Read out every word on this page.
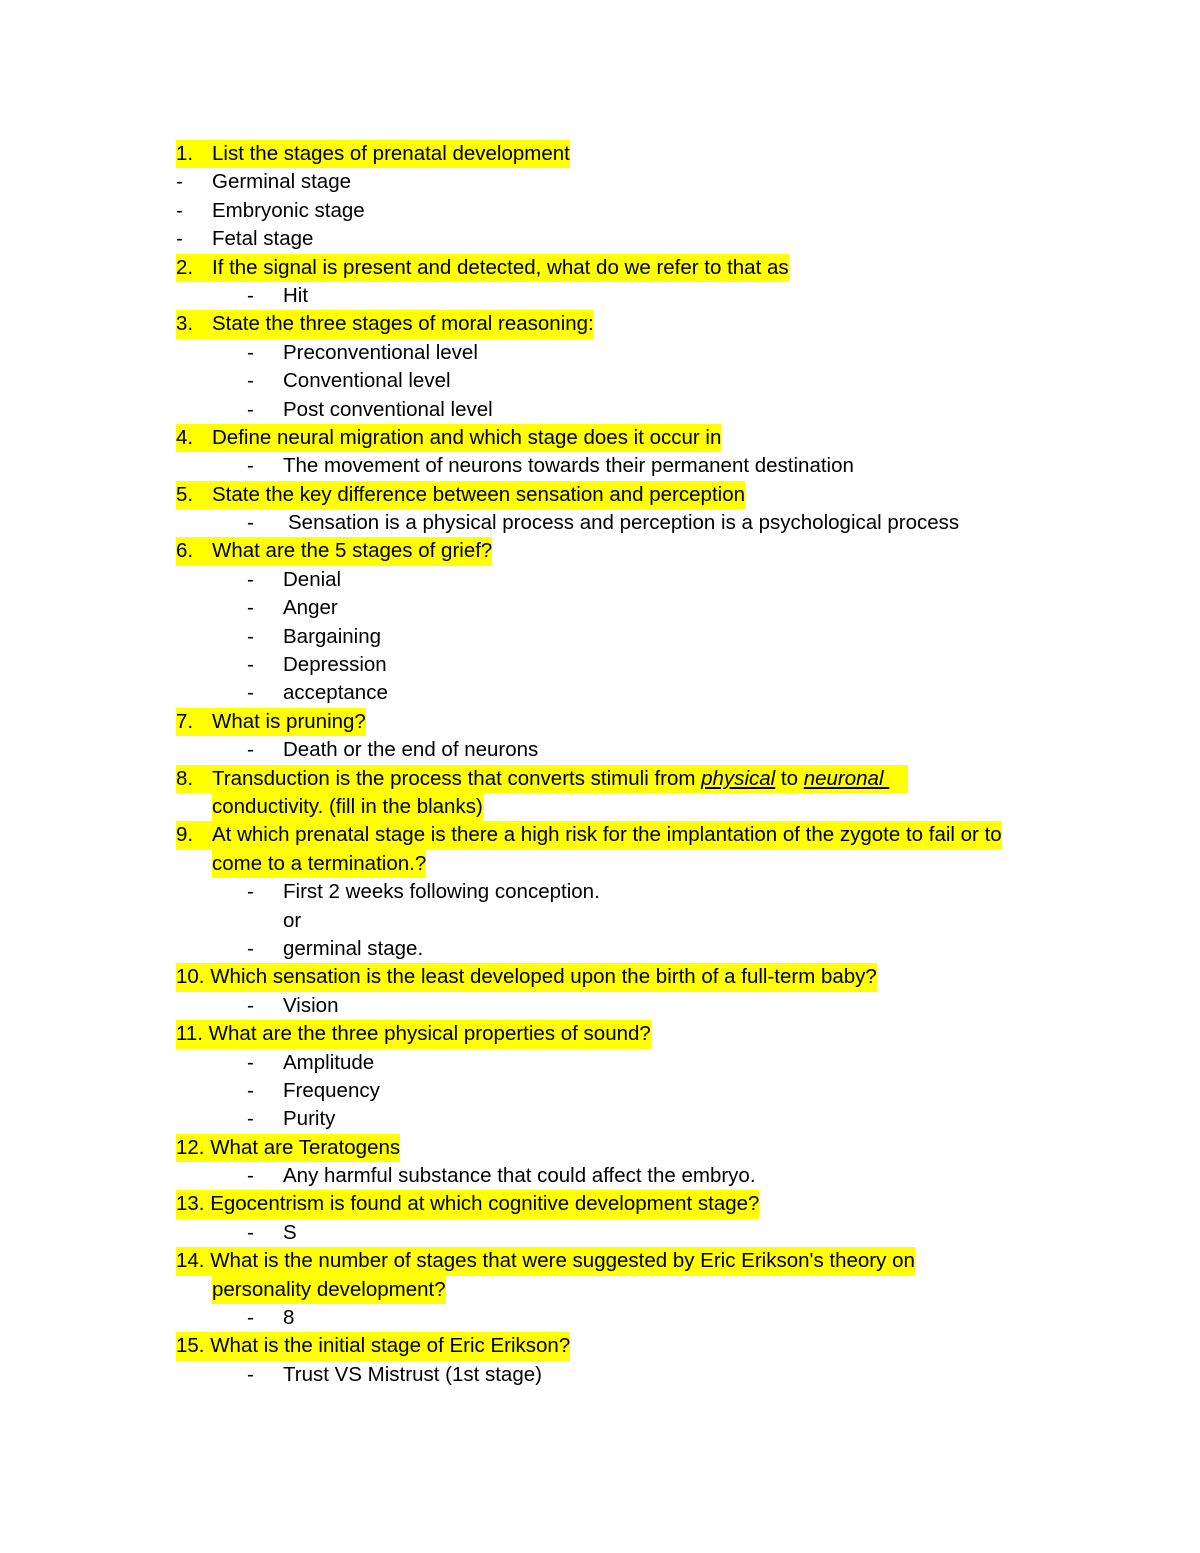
1. List the stages of prenatal development
- Germinal stage
- Embryonic stage
- Fetal stage
2. If the signal is present and detected, what do we refer to that as
- Hit
3. State the three stages of moral reasoning:
- Preconventional level
- Conventional level
- Post conventional level
4. Define neural migration and which stage does it occur in
- The movement of neurons towards their permanent destination
5. State the key difference between sensation and perception
- Sensation is a physical process and perception is a psychological process
6. What are the 5 stages of grief?
- Denial
- Anger
- Bargaining
- Depression
- acceptance
7. What is pruning?
- Death or the end of neurons
8. Transduction is the process that converts stimuli from physical to neuronal
conductivity. (fill in the blanks)
9. At which prenatal stage is there a high risk for the implantation of the zygote to fail or to
come to a termination.?
- First 2 weeks following conception.
or
- germinal stage.
10. Which sensation is the least developed upon the birth of a full-term baby?
- Vision
11. What are the three physical properties of sound?
- Amplitude
- Frequency
- Purity
12. What are Teratogens
- Any harmful substance that could affect the embryo.
13. Egocentrism is found at which cognitive development stage?
- S
14. What is the number of stages that were suggested by Eric Erikson's theory on
personality development?
- 8
15. What is the initial stage of Eric Erikson?
- Trust VS Mistrust (1st stage)
